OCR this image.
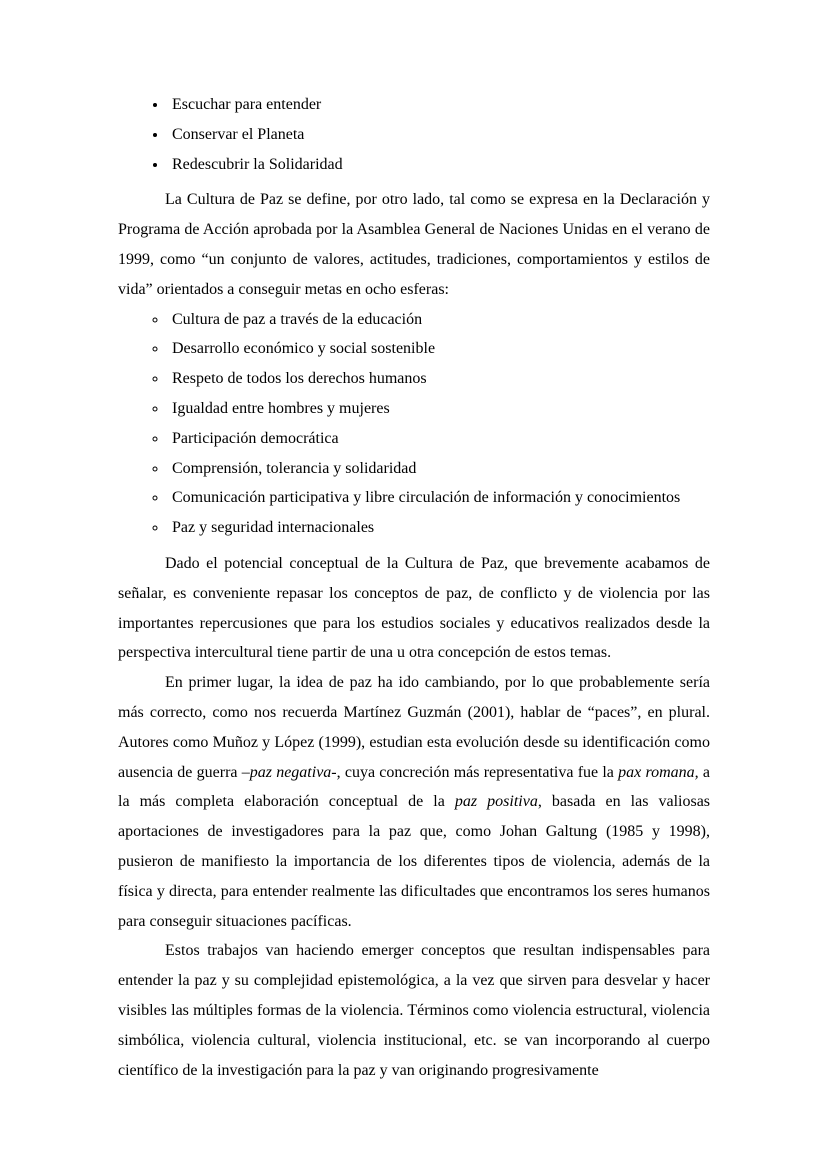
• Escuchar para entender
• Conservar el Planeta
• Redescubrir la Solidaridad

La Cultura de Paz se define, por otro lado, tal como se expresa en la Declaración y Programa de Acción aprobada por la Asamblea General de Naciones Unidas en el verano de 1999, como “un conjunto de valores, actitudes, tradiciones, comportamientos y estilos de vida” orientados a conseguir metas en ocho esferas:

◦ Cultura de paz a través de la educación
◦ Desarrollo económico y social sostenible
◦ Respeto de todos los derechos humanos
◦ Igualdad entre hombres y mujeres
◦ Participación democrática
◦ Comprensión, tolerancia y solidaridad
◦ Comunicación participativa y libre circulación de información y conocimientos
◦ Paz y seguridad internacionales

Dado el potencial conceptual de la Cultura de Paz, que brevemente acabamos de señalar, es conveniente repasar los conceptos de paz, de conflicto y de violencia por las importantes repercusiones que para los estudios sociales y educativos realizados desde la perspectiva intercultural tiene partir de una u otra concepción de estos temas.

En primer lugar, la idea de paz ha ido cambiando, por lo que probablemente sería más correcto, como nos recuerda Martínez Guzmán (2001), hablar de “paces”, en plural. Autores como Muñoz y López (1999), estudian esta evolución desde su identificación como ausencia de guerra –paz negativa-, cuya concreción más representativa fue la pax romana, a la más completa elaboración conceptual de la paz positiva, basada en las valiosas aportaciones de investigadores para la paz que, como Johan Galtung (1985 y 1998), pusieron de manifiesto la importancia de los diferentes tipos de violencia, además de la física y directa, para entender realmente las dificultades que encontramos los seres humanos para conseguir situaciones pacíficas.

Estos trabajos van haciendo emerger conceptos que resultan indispensables para entender la paz y su complejidad epistemológica, a la vez que sirven para desvelar y hacer visibles las múltiples formas de la violencia. Términos como violencia estructural, violencia simbólica, violencia cultural, violencia institucional, etc. se van incorporando al cuerpo científico de la investigación para la paz y van originando progresivamente
